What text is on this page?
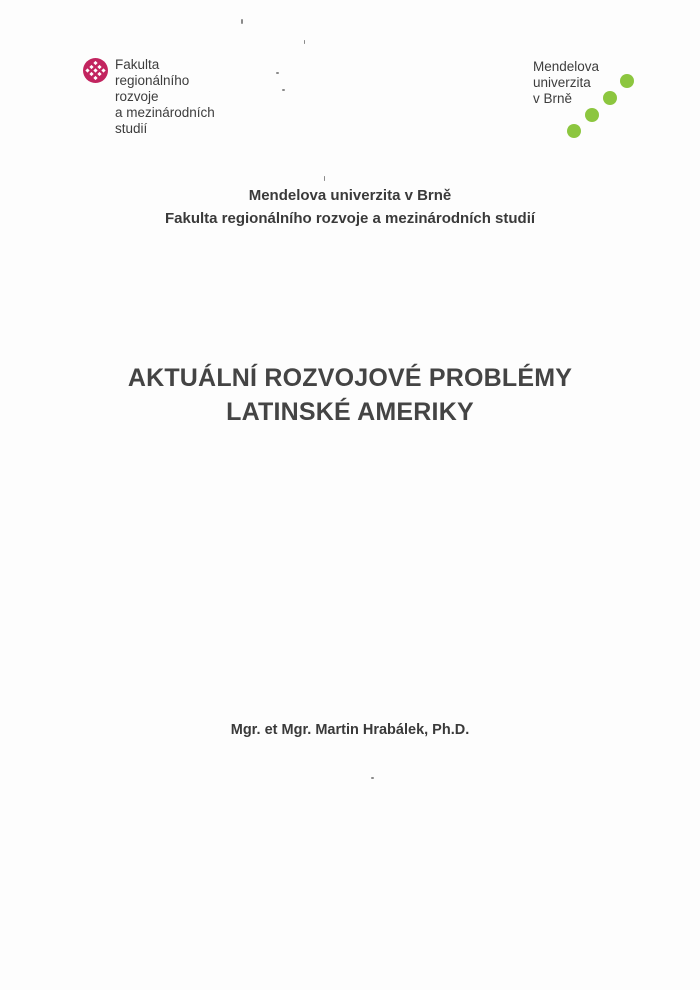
Fakulta
regionálního
rozvoje
a mezinárodních
studií
Mendelova
univerzita
v Brně
Mendelova univerzita v Brně
Fakulta regionálního rozvoje a mezinárodních studií
AKTUÁLNÍ ROZVOJOVÉ PROBLÉMY
LATINSKÉ AMERIKY
Mgr. et Mgr. Martin Hrabálek, Ph.D.
